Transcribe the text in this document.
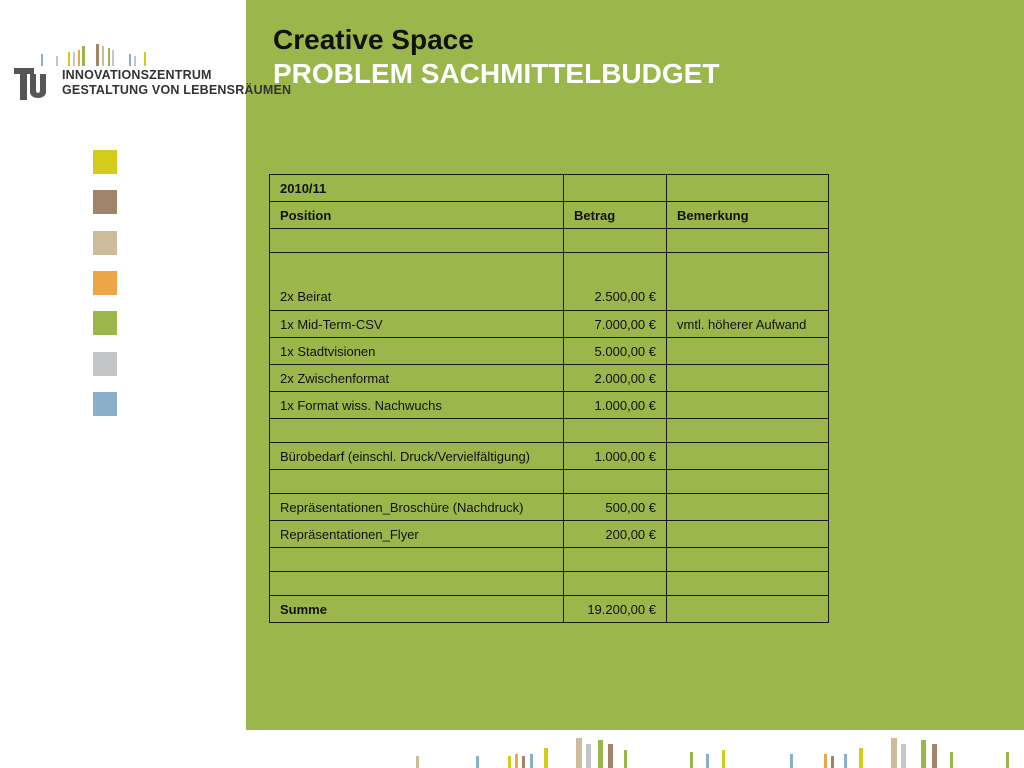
INNOVATIONSZENTRUM
GESTALTUNG VON LEBENSRÄUMEN
Creative Space
PROBLEM SACHMITTELBUDGET
2010/11		
Position	Betrag	Bemerkung

2x Beirat	2.500,00 €	
1x Mid-Term-CSV	7.000,00 €	vmtl. höherer Aufwand
1x Stadtvisionen	5.000,00 €	
2x Zwischenformat	2.000,00 €	
1x Format wiss. Nachwuchs	1.000,00 €	

Bürobedarf (einschl. Druck/Vervielfältigung)	1.000,00 €	

Repräsentationen_Broschüre (Nachdruck)	500,00 €	
Repräsentationen_Flyer	200,00 €	

Summe	19.200,00 €	
